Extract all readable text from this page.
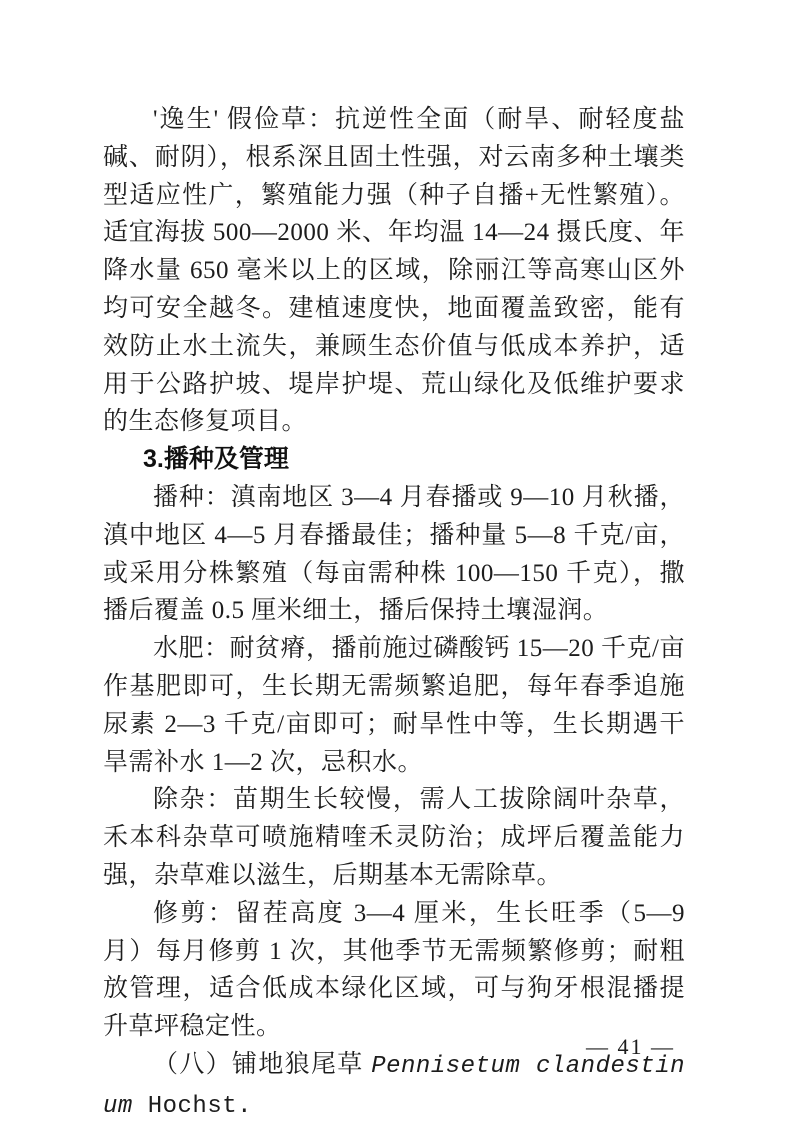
'逸生' 假俭草：抗逆性全面（耐旱、耐轻度盐碱、耐阴），根系深且固土性强，对云南多种土壤类型适应性广，繁殖能力强（种子自播+无性繁殖）。适宜海拔 500—2000 米、年均温 14—24 摄氏度、年降水量 650 毫米以上的区域，除丽江等高寒山区外均可安全越冬。建植速度快，地面覆盖致密，能有效防止水土流失，兼顾生态价值与低成本养护，适用于公路护坡、堤岸护堤、荒山绿化及低维护要求的生态修复项目。

3.播种及管理

播种：滇南地区 3—4 月春播或 9—10 月秋播，滇中地区 4—5 月春播最佳；播种量 5—8 千克/亩，或采用分株繁殖（每亩需种株 100—150 千克），撒播后覆盖 0.5 厘米细土，播后保持土壤湿润。

水肥：耐贫瘠，播前施过磷酸钙 15—20 千克/亩作基肥即可，生长期无需频繁追肥，每年春季追施尿素 2—3 千克/亩即可；耐旱性中等，生长期遇干旱需补水 1—2 次，忌积水。

除杂：苗期生长较慢，需人工拔除阔叶杂草，禾本科杂草可喷施精喹禾灵防治；成坪后覆盖能力强，杂草难以滋生，后期基本无需除草。

修剪：留茬高度 3—4 厘米，生长旺季（5—9 月）每月修剪 1 次，其他季节无需频繁修剪；耐粗放管理，适合低成本绿化区域，可与狗牙根混播提升草坪稳定性。

（八）铺地狼尾草 Pennisetum clandestinum Hochst.

— 41 —
